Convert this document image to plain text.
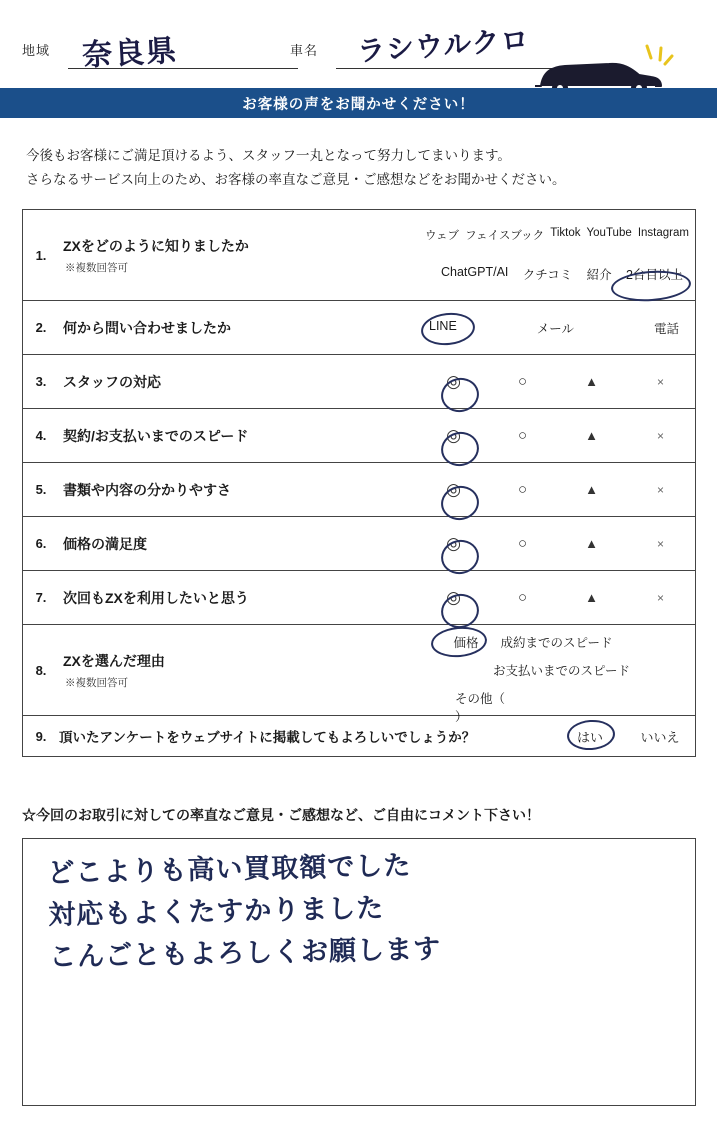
地域 奈良県	車名 ラシウルクロ
お客様の声をお聞かせください！
今後もお客様にご満足頂けるよう、スタッフ一丸となって努力してまいります。
さらなるサービス向上のため、お客様の率直なご意見・ご感想などをお聞かせください。
1.
ZXをどのように知りましたか
※複数回答可
ウェブ フェイスブック Tiktok YouTube Instagram
ChatGPT/AI クチコミ 紹介 2台目以上
2.	何から問い合わせましたか	LINE	メール	電話
3.	スタッフの対応	◎	○	▲	×
4.	契約/お支払いまでのスピード	◎	○	▲	×
5.	書類や内容の分かりやすさ	◎	○	▲	×
6.	価格の満足度	◎	○	▲	×
7.	次回もZXを利用したいと思う	◎	○	▲	×
8.
ZXを選んだ理由
※複数回答可
価格 成約までのスピード
お支払いまでのスピード
その他（  ）
9. 頂いたアンケートをウェブサイトに掲載してもよろしいでしょうか？	はい	いいえ
☆今回のお取引に対しての率直なご意見・ご感想など、ご自由にコメント下さい！
どこよりも高い買取額でした
対応もよくたすかりました
こんごともよろしくお願します
